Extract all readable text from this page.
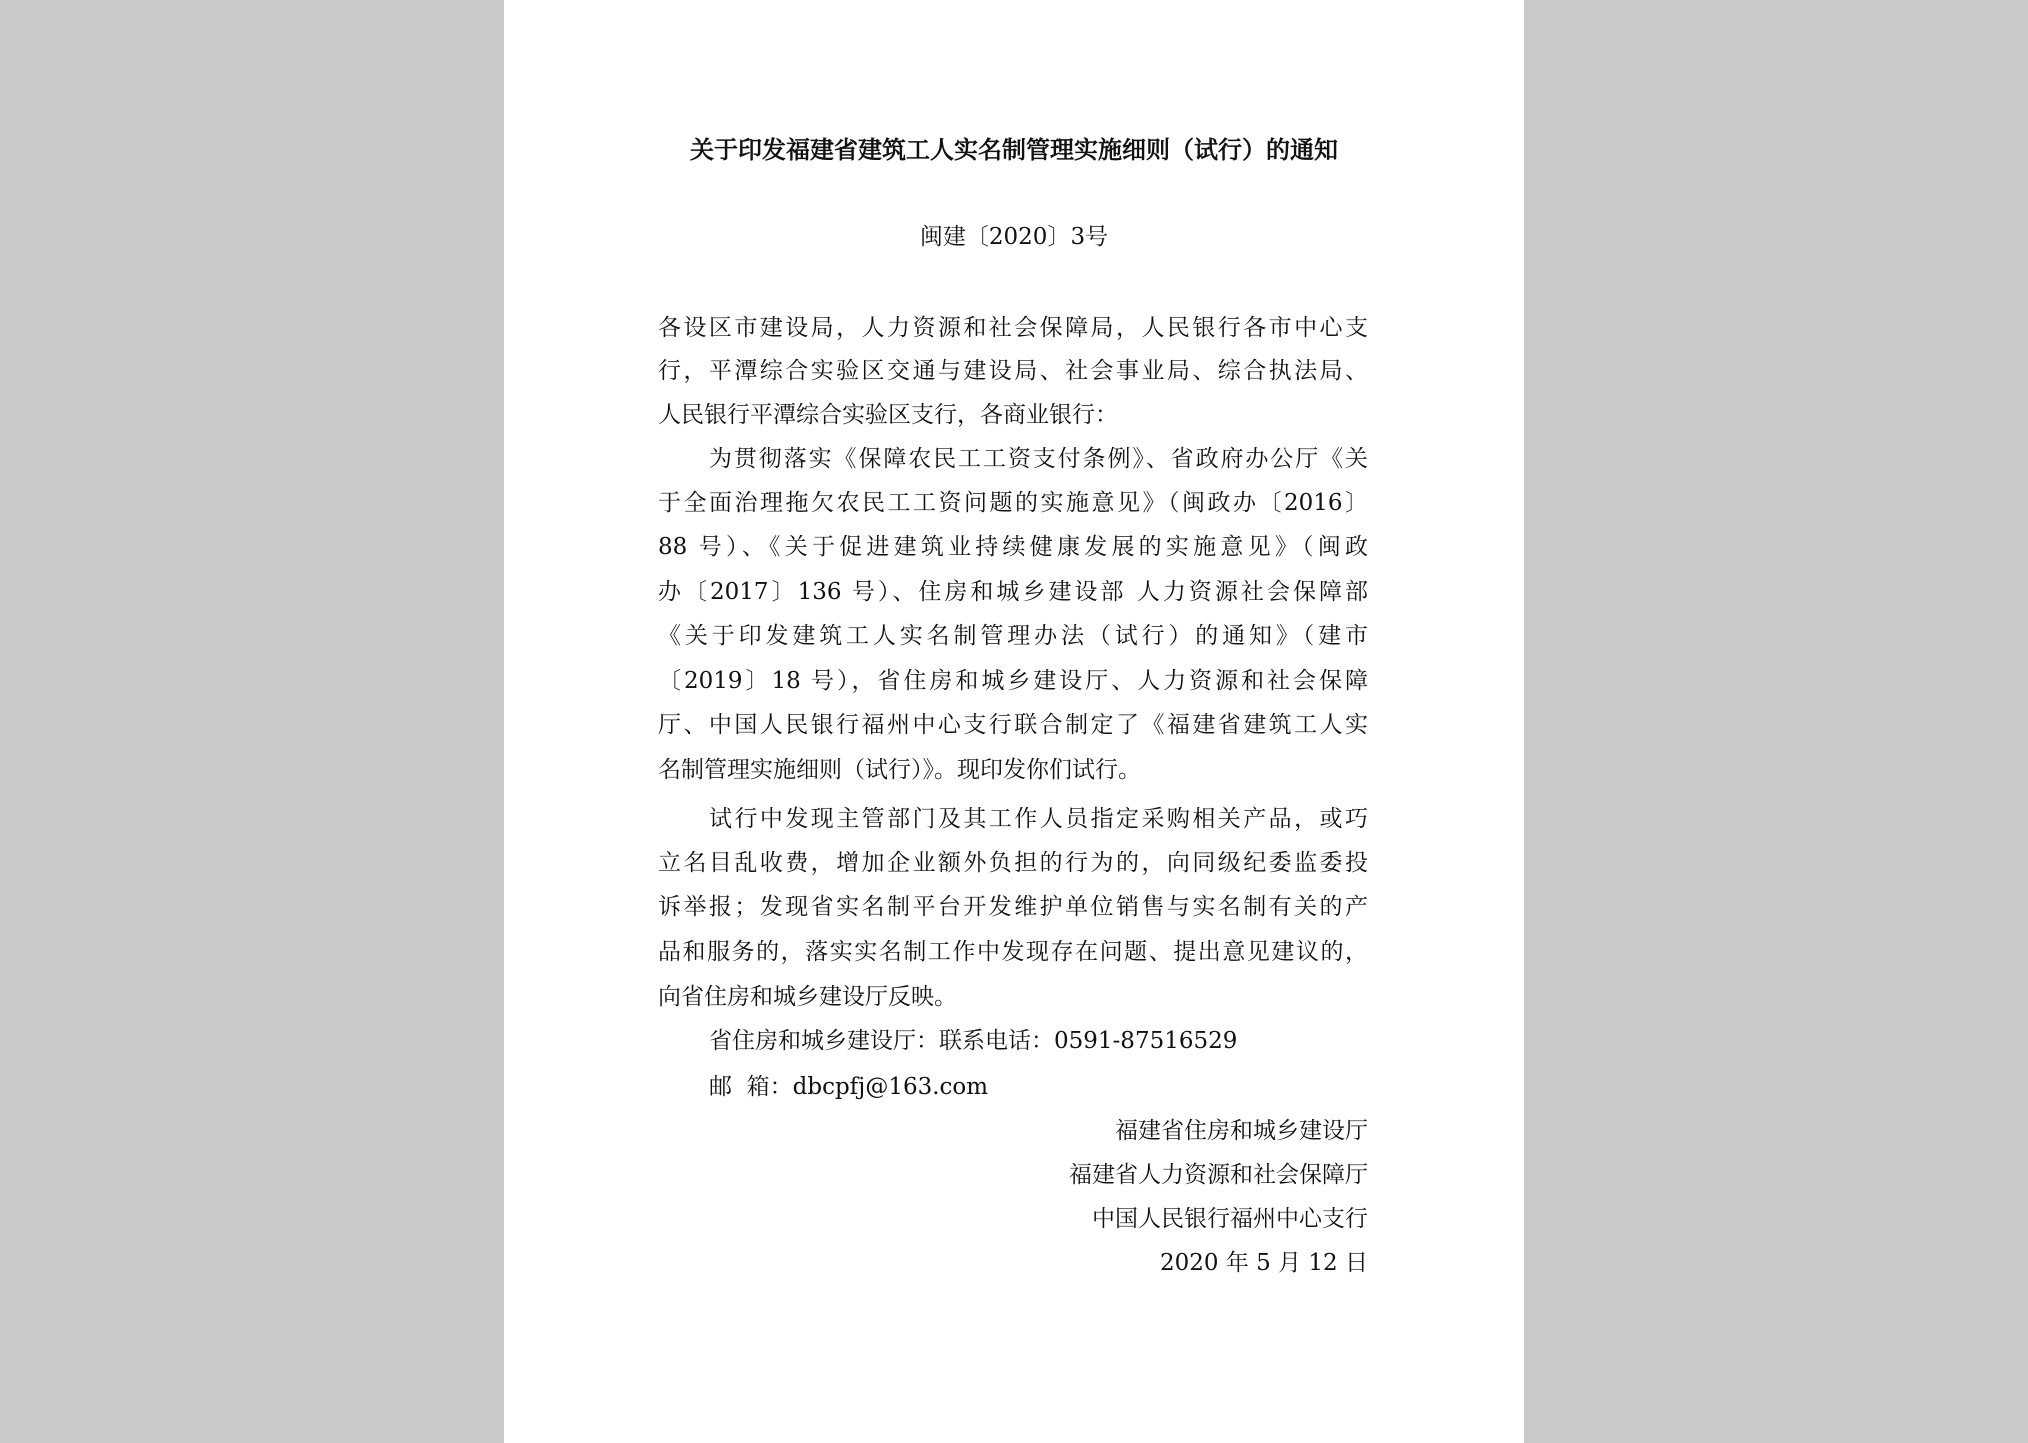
关于印发福建省建筑工人实名制管理实施细则（试行）的通知
闽建〔2020〕3号
各设区市建设局，人力资源和社会保障局，人民银行各市中心支
行，平潭综合实验区交通与建设局、社会事业局、综合执法局、
人民银行平潭综合实验区支行，各商业银行：
为贯彻落实《保障农民工工资支付条例》、省政府办公厅《关
于全面治理拖欠农民工工资问题的实施意见》（闽政办〔2016〕
88 号）、《关于促进建筑业持续健康发展的实施意见》（闽政
办〔2017〕136 号）、住房和城乡建设部 人力资源社会保障部
《关于印发建筑工人实名制管理办法（试行）的通知》（建市
〔2019〕18 号），省住房和城乡建设厅、人力资源和社会保障
厅、中国人民银行福州中心支行联合制定了《福建省建筑工人实
名制管理实施细则（试行）》。现印发你们试行。
试行中发现主管部门及其工作人员指定采购相关产品，或巧
立名目乱收费，增加企业额外负担的行为的，向同级纪委监委投
诉举报；发现省实名制平台开发维护单位销售与实名制有关的产
品和服务的，落实实名制工作中发现存在问题、提出意见建议的，
向省住房和城乡建设厅反映。
省住房和城乡建设厅：联系电话：0591-87516529
邮  箱：dbcpfj@163.com
福建省住房和城乡建设厅
福建省人力资源和社会保障厅
中国人民银行福州中心支行
2020 年 5 月 12 日
